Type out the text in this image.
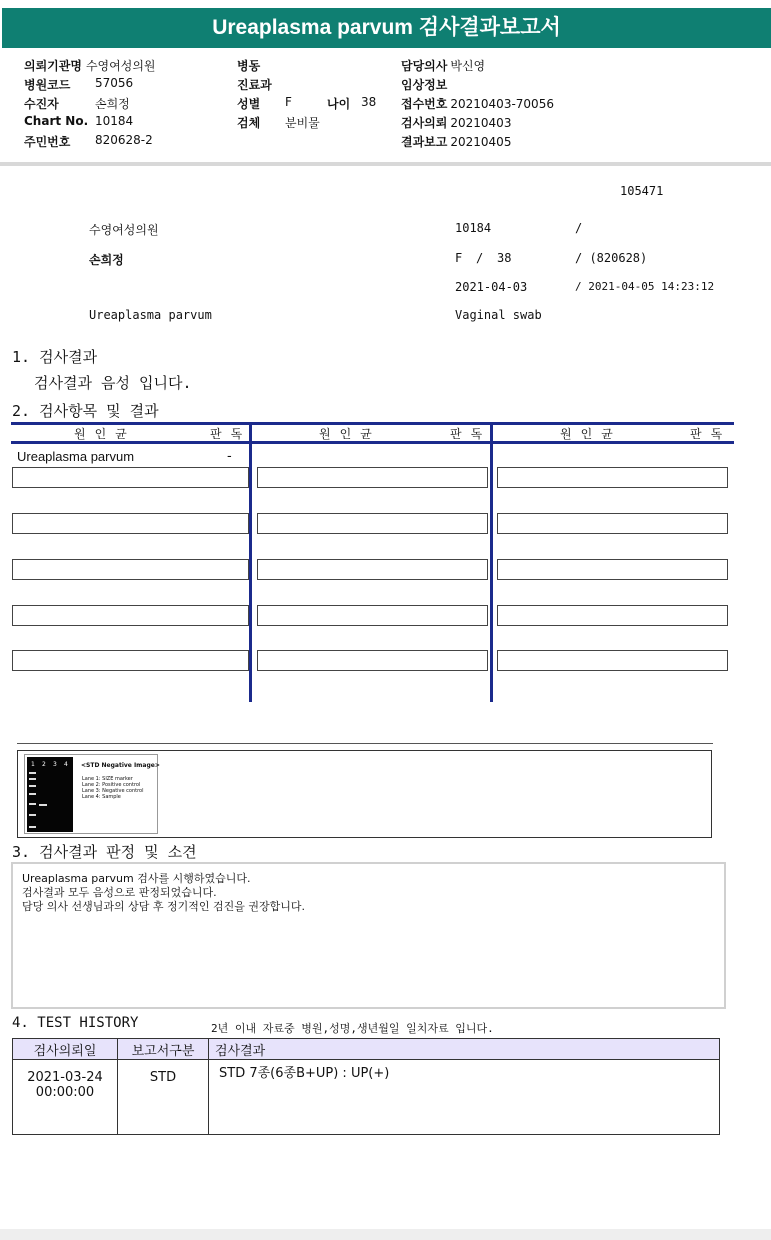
Ureaplasma parvum 검사결과보고서
의뢰기관명 수영여성의원
병원코드 57056
수진자	손희정
Chart No. 10184
주민번호 820628-2
병동
진료과
성별 F	나이 38
검체 분비물
담당의사 박신영
임상정보
접수번호 20210403-70056
검사의뢰 20210403
결과보고 20210405
105471
수영여성의원	10184	/
손희정	F / 38	/ (820628)
2021-04-03	/ 2021-04-05 14:23:12
Ureaplasma parvum	Vaginal swab
1. 검사결과
검사결과 음성 입니다.
2. 검사항목 및 결과
원인균	판독	원인균	판독	원인균	판독
Ureaplasma parvum	-
1 2 3 4 <STD Negative Image>
Lane 1: SIZE marker
Lane 2: Positive control
Lane 3: Negative control
Lane 4: Sample
3. 검사결과 판정 및 소견
Ureaplasma parvum 검사를 시행하였습니다.
검사결과 모두 음성으로 판정되었습니다.
담당 의사 선생님과의 상담 후 정기적인 검진을 권장합니다.
4. TEST HISTORY	2년 이내 자료중 병원,성명,생년월일 일치자료 입니다.
검사의뢰일	보고서구분	검사결과

2021-03-24
00:00:00	STD	STD 7종(6종B+UP) : UP(+)
